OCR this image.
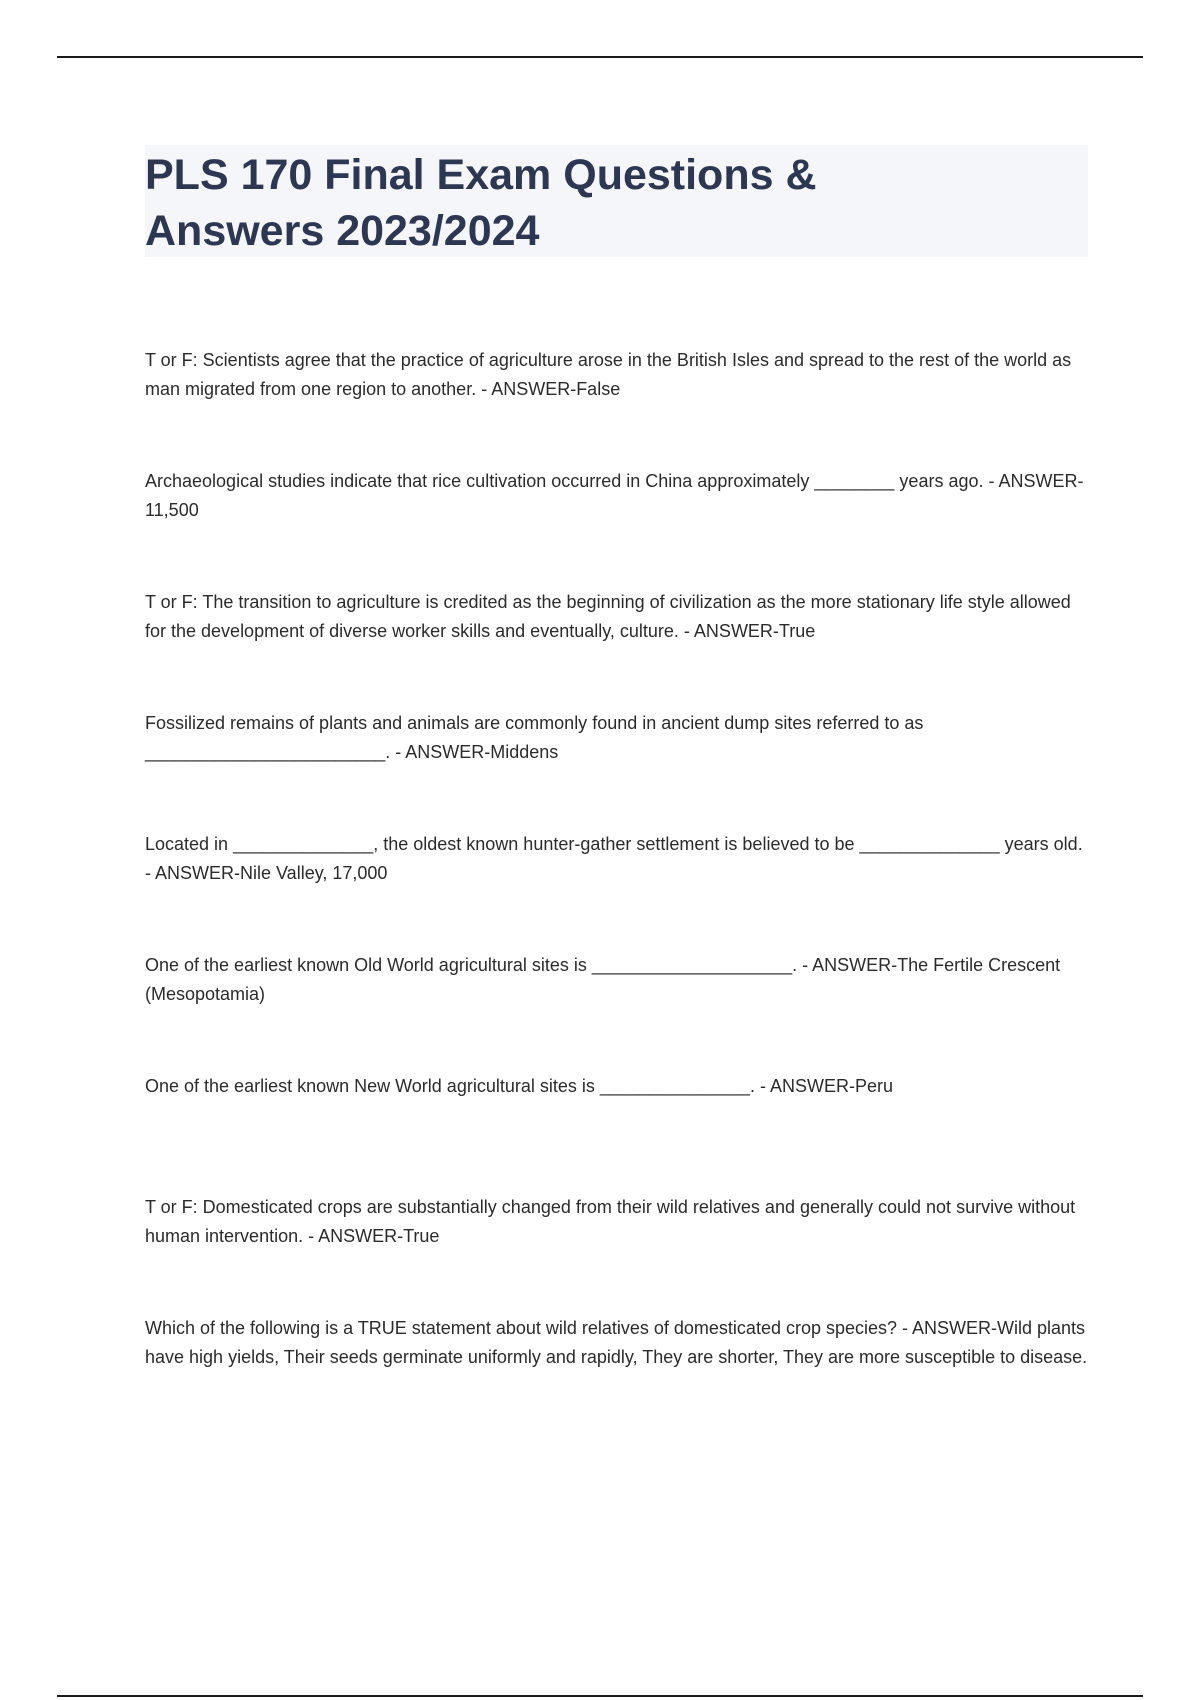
PLS 170 Final Exam Questions &
Answers 2023/2024

T or F: Scientists agree that the practice of agriculture arose in the British Isles and spread to the rest of the world as man migrated from one region to another. - ANSWER-False

Archaeological studies indicate that rice cultivation occurred in China approximately ________ years ago. - ANSWER-11,500

T or F: The transition to agriculture is credited as the beginning of civilization as the more stationary life style allowed for the development of diverse worker skills and eventually, culture. - ANSWER-True

Fossilized remains of plants and animals are commonly found in ancient dump sites referred to as ________________________. - ANSWER-Middens

Located in ______________, the oldest known hunter-gather settlement is believed to be ______________ years old. - ANSWER-Nile Valley, 17,000

One of the earliest known Old World agricultural sites is ____________________. - ANSWER-The Fertile Crescent (Mesopotamia)

One of the earliest known New World agricultural sites is _______________. - ANSWER-Peru

T or F: Domesticated crops are substantially changed from their wild relatives and generally could not survive without human intervention. - ANSWER-True

Which of the following is a TRUE statement about wild relatives of domesticated crop species? - ANSWER-Wild plants have high yields, Their seeds germinate uniformly and rapidly, They are shorter, They are more susceptible to disease.
